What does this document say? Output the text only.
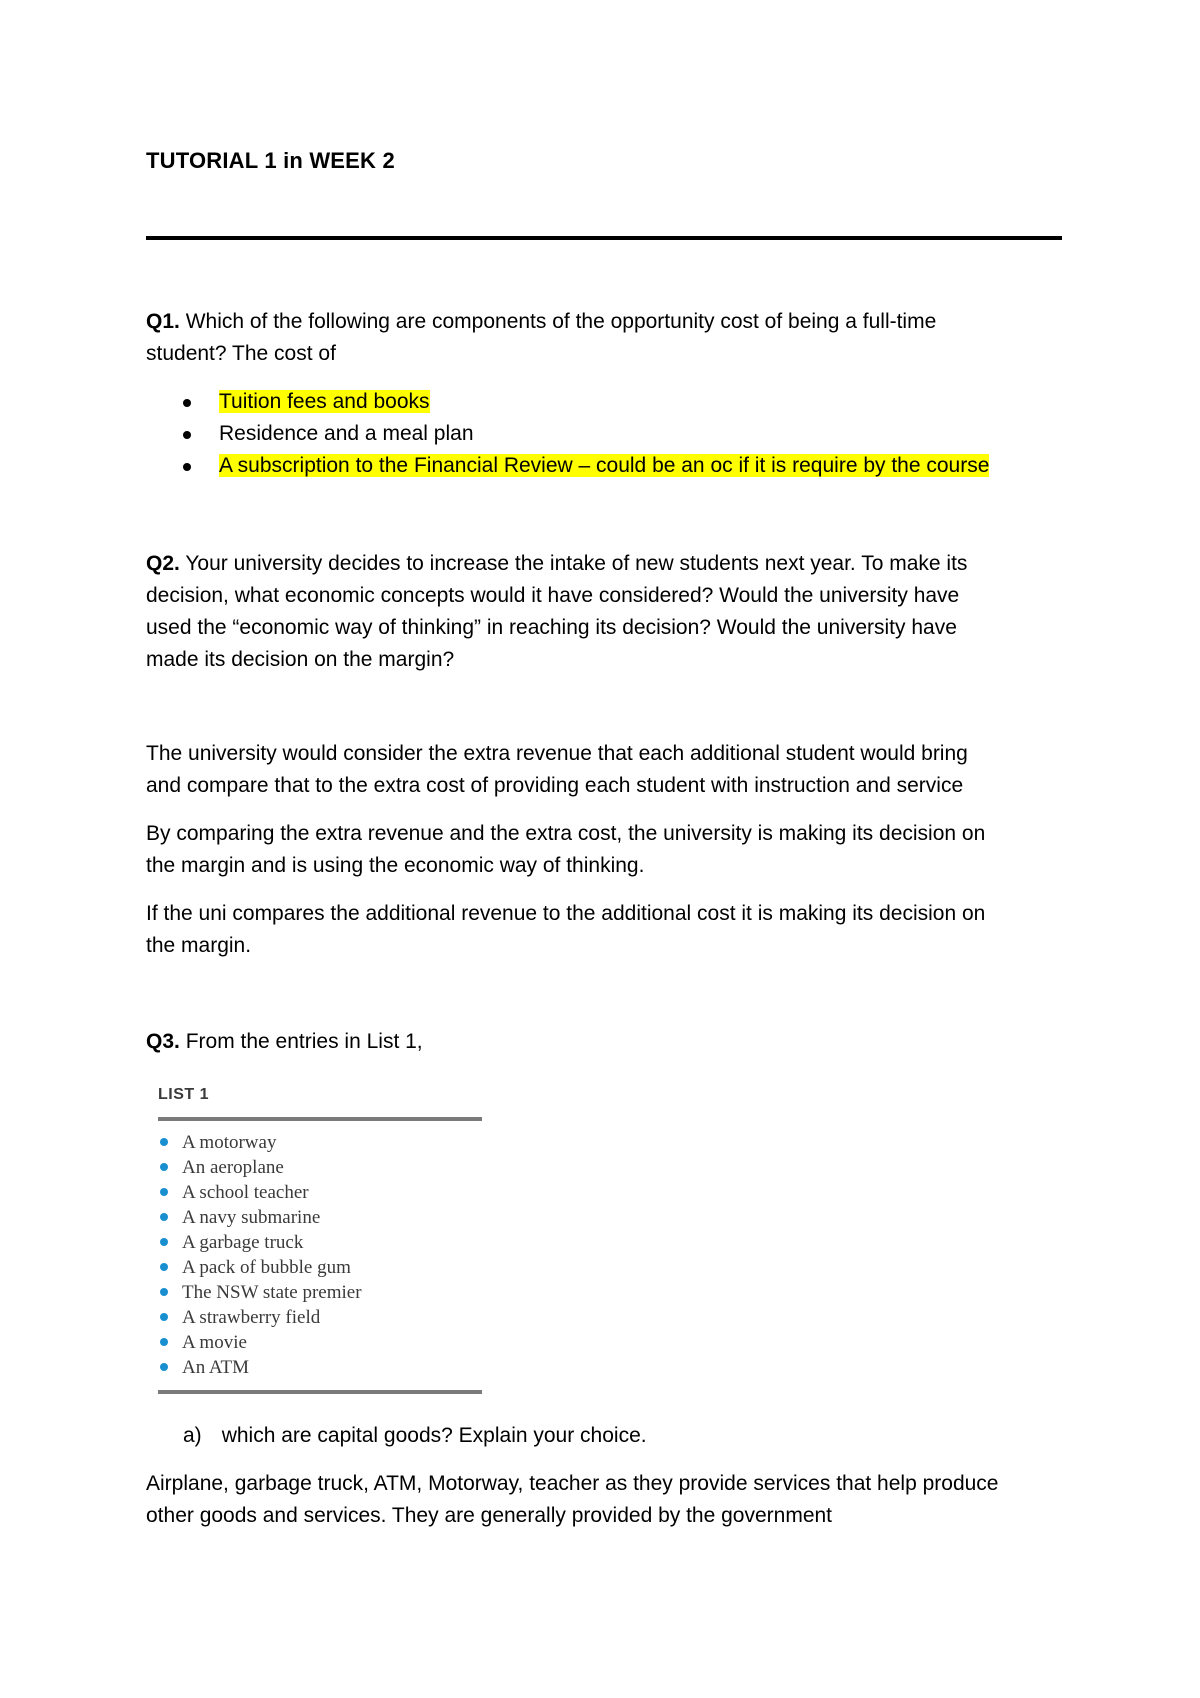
TUTORIAL 1 in WEEK 2

Q1. Which of the following are components of the opportunity cost of being a full-time

student? The cost of

Tuition fees and books
Residence and a meal plan
A subscription to the Financial Review – could be an oc if it is require by the course

Q2. Your university decides to increase the intake of new students next year. To make its

decision, what economic concepts would it have considered? Would the university have

used the “economic way of thinking” in reaching its decision? Would the university have

made its decision on the margin?

The university would consider the extra revenue that each additional student would bring

and compare that to the extra cost of providing each student with instruction and service

By comparing the extra revenue and the extra cost, the university is making its decision on

the margin and is using the economic way of thinking.

If the uni compares the additional revenue to the additional cost it is making its decision on

the margin.

Q3. From the entries in List 1,

LIST 1
A motorway
An aeroplane
A school teacher
A navy submarine
A garbage truck
A pack of bubble gum
The NSW state premier
A strawberry field
A movie
An ATM

a) which are capital goods? Explain your choice.

Airplane, garbage truck, ATM, Motorway, teacher as they provide services that help produce

other goods and services. They are generally provided by the government
